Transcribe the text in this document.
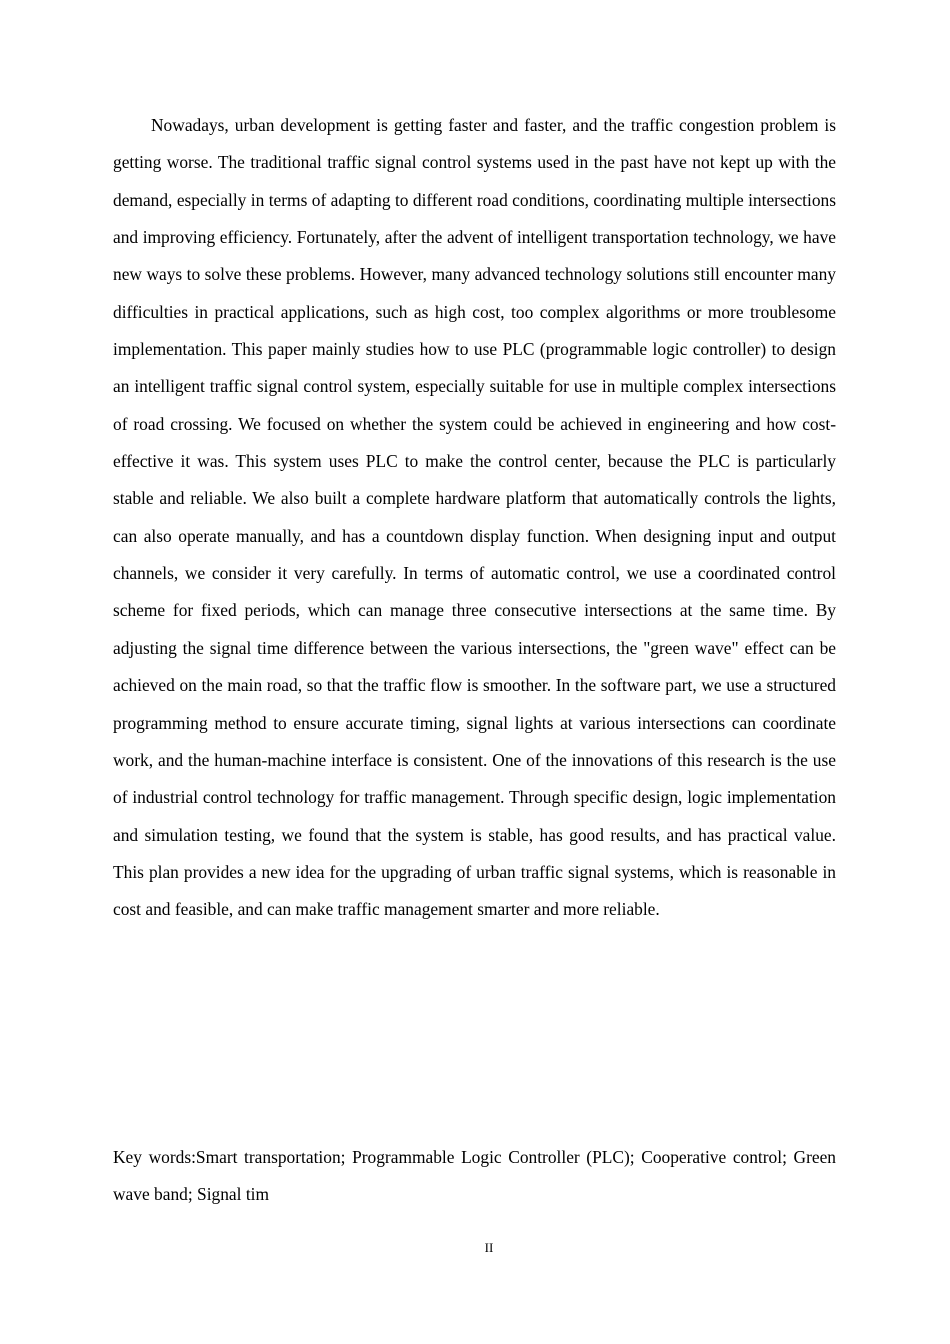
Nowadays, urban development is getting faster and faster, and the traffic congestion problem is getting worse. The traditional traffic signal control systems used in the past have not kept up with the demand, especially in terms of adapting to different road conditions, coordinating multiple intersections and improving efficiency. Fortunately, after the advent of intelligent transportation technology, we have new ways to solve these problems. However, many advanced technology solutions still encounter many difficulties in practical applications, such as high cost, too complex algorithms or more troublesome implementation. This paper mainly studies how to use PLC (programmable logic controller) to design an intelligent traffic signal control system, especially suitable for use in multiple complex intersections of road crossing. We focused on whether the system could be achieved in engineering and how cost-effective it was. This system uses PLC to make the control center, because the PLC is particularly stable and reliable. We also built a complete hardware platform that automatically controls the lights, can also operate manually, and has a countdown display function. When designing input and output channels, we consider it very carefully. In terms of automatic control, we use a coordinated control scheme for fixed periods, which can manage three consecutive intersections at the same time. By adjusting the signal time difference between the various intersections, the "green wave" effect can be achieved on the main road, so that the traffic flow is smoother. In the software part, we use a structured programming method to ensure accurate timing, signal lights at various intersections can coordinate work, and the human-machine interface is consistent. One of the innovations of this research is the use of industrial control technology for traffic management. Through specific design, logic implementation and simulation testing, we found that the system is stable, has good results, and has practical value. This plan provides a new idea for the upgrading of urban traffic signal systems, which is reasonable in cost and feasible, and can make traffic management smarter and more reliable.

Key words:Smart transportation; Programmable Logic Controller (PLC); Cooperative control; Green wave band; Signal tim

II
